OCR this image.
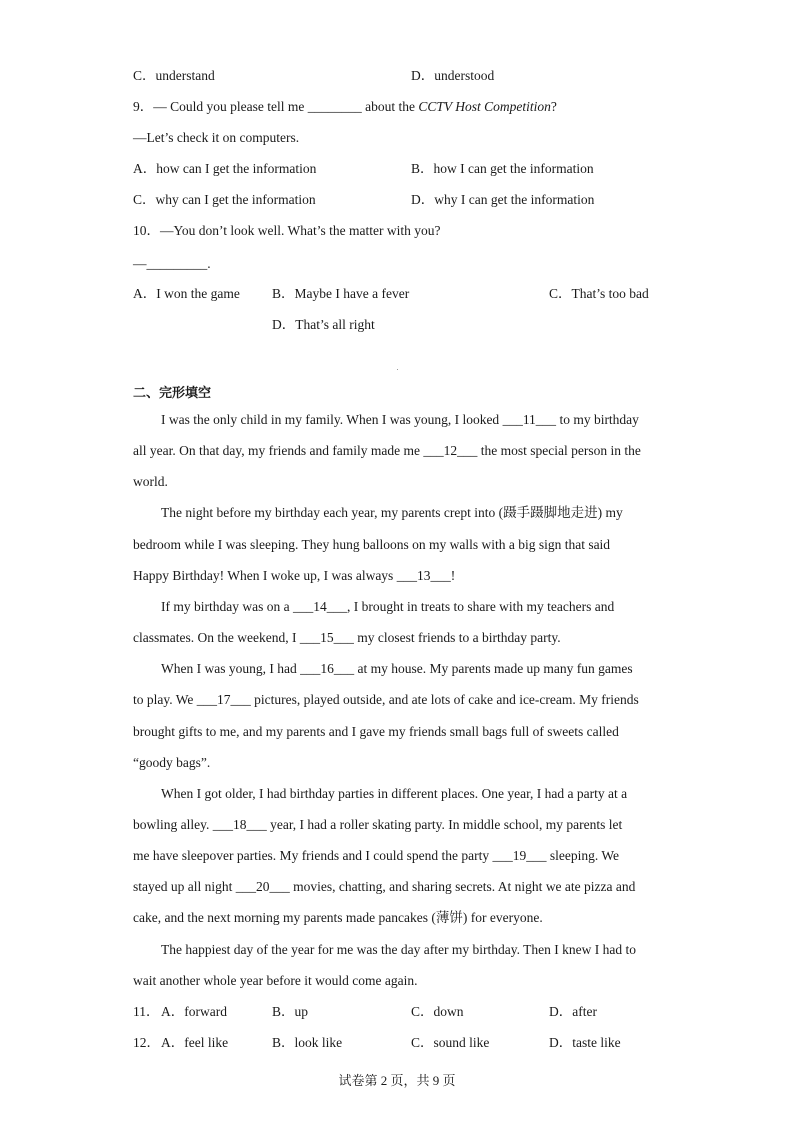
C．understand	D．understood
9．— Could you please tell me ________ about the CCTV Host Competition?
—Let’s check it on computers.
A．how can I get the information	B．how I can get the information
C．why can I get the information	D．why I can get the information
10．—You don’t look well. What’s the matter with you?
—_________.
A．I won the game B．Maybe I have a fever	C．That’s too bad
D．That’s all right
二、完形填空
I was the only child in my family. When I was young, I looked ___11___ to my birthday
all year. On that day, my friends and family made me ___12___ the most special person in the
world.
The night before my birthday each year, my parents crept into (蹑手蹑脚地走进) my
bedroom while I was sleeping. They hung balloons on my walls with a big sign that said
Happy Birthday! When I woke up, I was always ___13___!
If my birthday was on a ___14___, I brought in treats to share with my teachers and
classmates. On the weekend, I ___15___ my closest friends to a birthday party.
When I was young, I had ___16___ at my house. My parents made up many fun games
to play. We ___17___ pictures, played outside, and ate lots of cake and ice-cream. My friends
brought gifts to me, and my parents and I gave my friends small bags full of sweets called
“goody bags”.
When I got older, I had birthday parties in different places. One year, I had a party at a
bowling alley. ___18___ year, I had a roller skating party. In middle school, my parents let
me have sleepover parties. My friends and I could spend the party ___19___ sleeping. We
stayed up all night ___20___ movies, chatting, and sharing secrets. At night we ate pizza and
cake, and the next morning my parents made pancakes (薄饼) for everyone.
The happiest day of the year for me was the day after my birthday. Then I knew I had to
wait another whole year before it would come again.
11． A．forward	B．up	C．down	D．after
12． A．feel like	B．look like	C．sound like	D．taste like
试卷第 2 页，共 9 页
